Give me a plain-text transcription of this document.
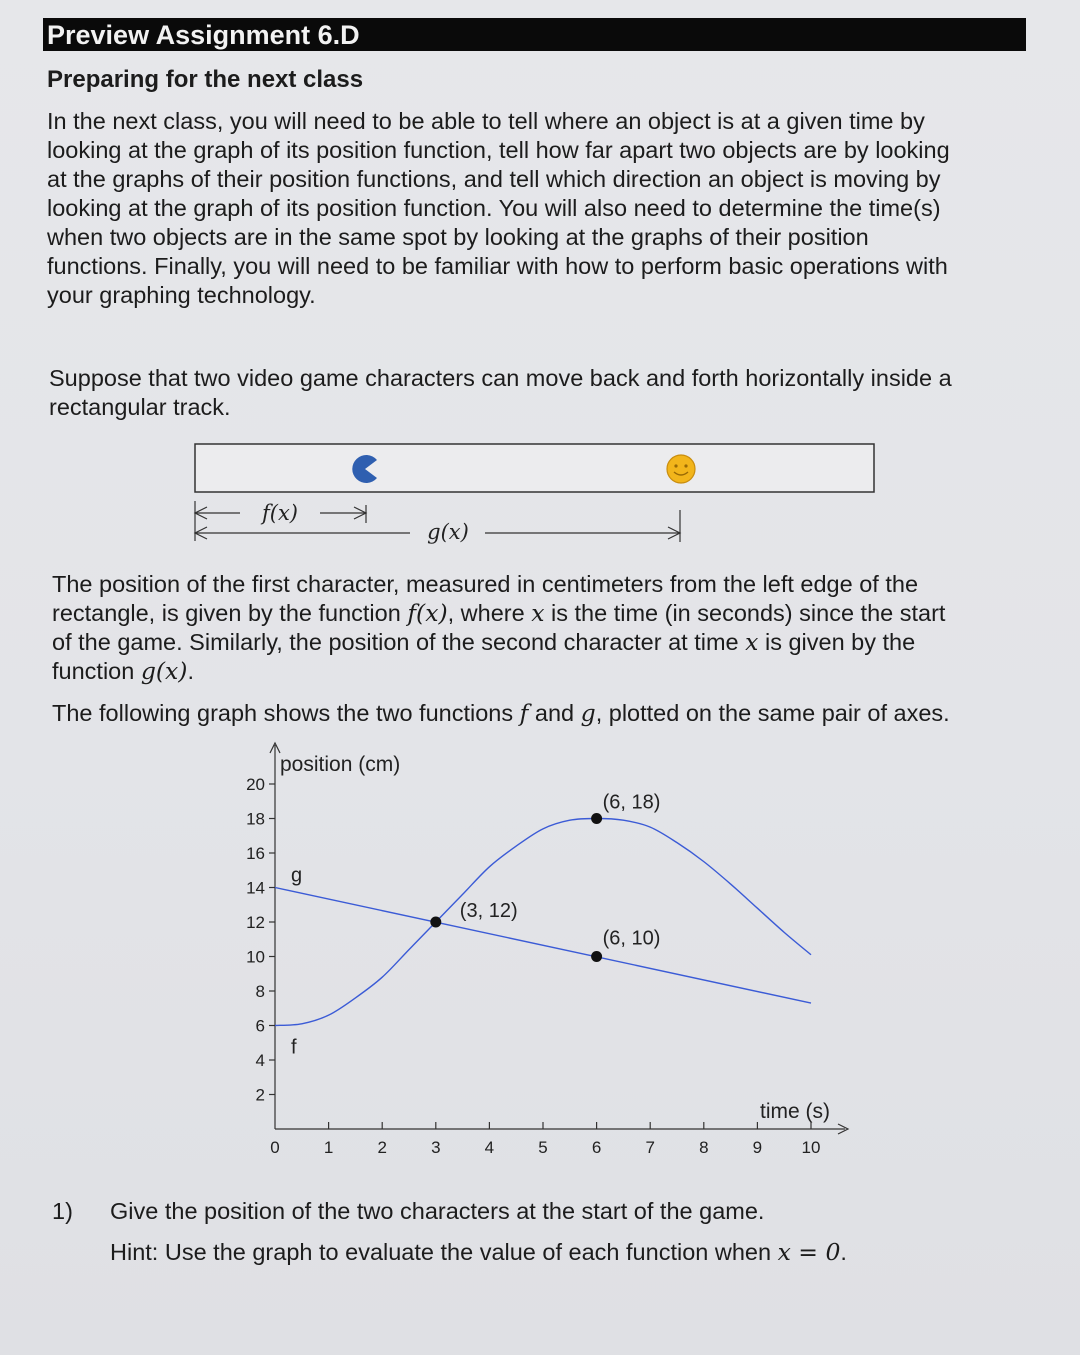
Preview Assignment 6.D
Preparing for the next class

In the next class, you will need to be able to tell where an object is at a given time by
looking at the graph of its position function, tell how far apart two objects are by looking
at the graphs of their position functions, and tell which direction an object is moving by
looking at the graph of its position function. You will also need to determine the time(s)
when two objects are in the same spot by looking at the graphs of their position
functions. Finally, you will need to be familiar with how to perform basic operations with
your graphing technology.

Suppose that two video game characters can move back and forth horizontally inside a
rectangular track.

f(x)
g(x)

The position of the first character, measured in centimeters from the left edge of the
rectangle, is given by the function f(x), where x is the time (in seconds) since the start
of the game. Similarly, the position of the second character at time x is given by the
function g(x).

The following graph shows the two functions f and g, plotted on the same pair of axes.

2
4
6
8
10
12
14
16
18
20
0	1	2	3	4	5	6	7	8	9 10
f
g
(3, 12)
(6, 18)
(6, 10)
position (cm)
time (s)
1) Give the position of the two characters at the start of the game.
Hint: Use the graph to evaluate the value of each function when x = 0.
